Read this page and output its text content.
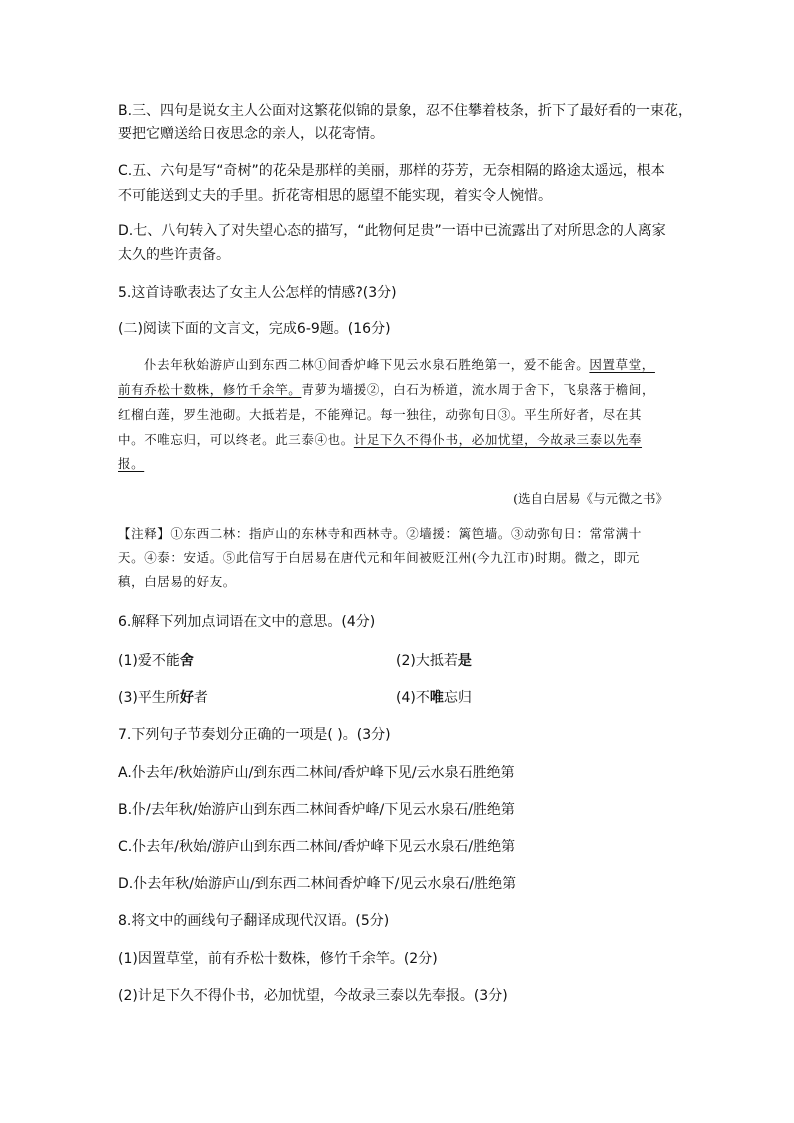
B.三、四句是说女主人公面对这繁花似锦的景象，忍不住攀着枝条，折下了最好看的一束花，
要把它赠送给日夜思念的亲人，以花寄情。
C.五、六句是写“奇树”的花朵是那样的美丽，那样的芬芳，无奈相隔的路途太遥远，根本
不可能送到丈夫的手里。折花寄相思的愿望不能实现，着实令人惋惜。
D.七、八句转入了对失望心态的描写，“此物何足贵”一语中已流露出了对所思念的人离家
太久的些许责备。
5.这首诗歌表达了女主人公怎样的情感?(3分)
(二)阅读下面的文言文，完成6-9题。(16分)
仆去年秋始游庐山到东西二林①间香炉峰下见云水泉石胜绝第一，爱不能舍。因置草堂，
前有乔松十数株，修竹千余竿。青萝为墙援②，白石为桥道，流水周于舍下，飞泉落于檐间，
红榴白莲，罗生池砌。大抵若是，不能殚记。每一独往，动弥旬日③。平生所好者，尽在其
中。不唯忘归，可以终老。此三泰④也。计足下久不得仆书，必加忧望，今故录三泰以先奉
报。
(选自白居易《与元微之书》
【注释】①东西二林：指庐山的东林寺和西林寺。②墙援：篱笆墙。③动弥旬日：常常满十
天。④泰：安适。⑤此信写于白居易在唐代元和年间被贬江州(今九江市)时期。微之，即元
稹，白居易的好友。
6.解释下列加点词语在文中的意思。(4分)
(1)爱不能舍	(2)大抵若是
(3)平生所好者	(4)不唯忘归
7.下列句子节奏划分正确的一项是( )。(3分)
A.仆去年/秋始游庐山/到东西二林间/香炉峰下见/云水泉石胜绝第
B.仆/去年秋/始游庐山到东西二林间香炉峰/下见云水泉石/胜绝第
C.仆去年/秋始/游庐山到东西二林间/香炉峰下见云水泉石/胜绝第
D.仆去年秋/始游庐山/到东西二林间香炉峰下/见云水泉石/胜绝第
8.将文中的画线句子翻译成现代汉语。(5分)
(1)因置草堂，前有乔松十数株，修竹千余竿。(2分)
(2)计足下久不得仆书，必加忧望，今故录三泰以先奉报。(3分)
